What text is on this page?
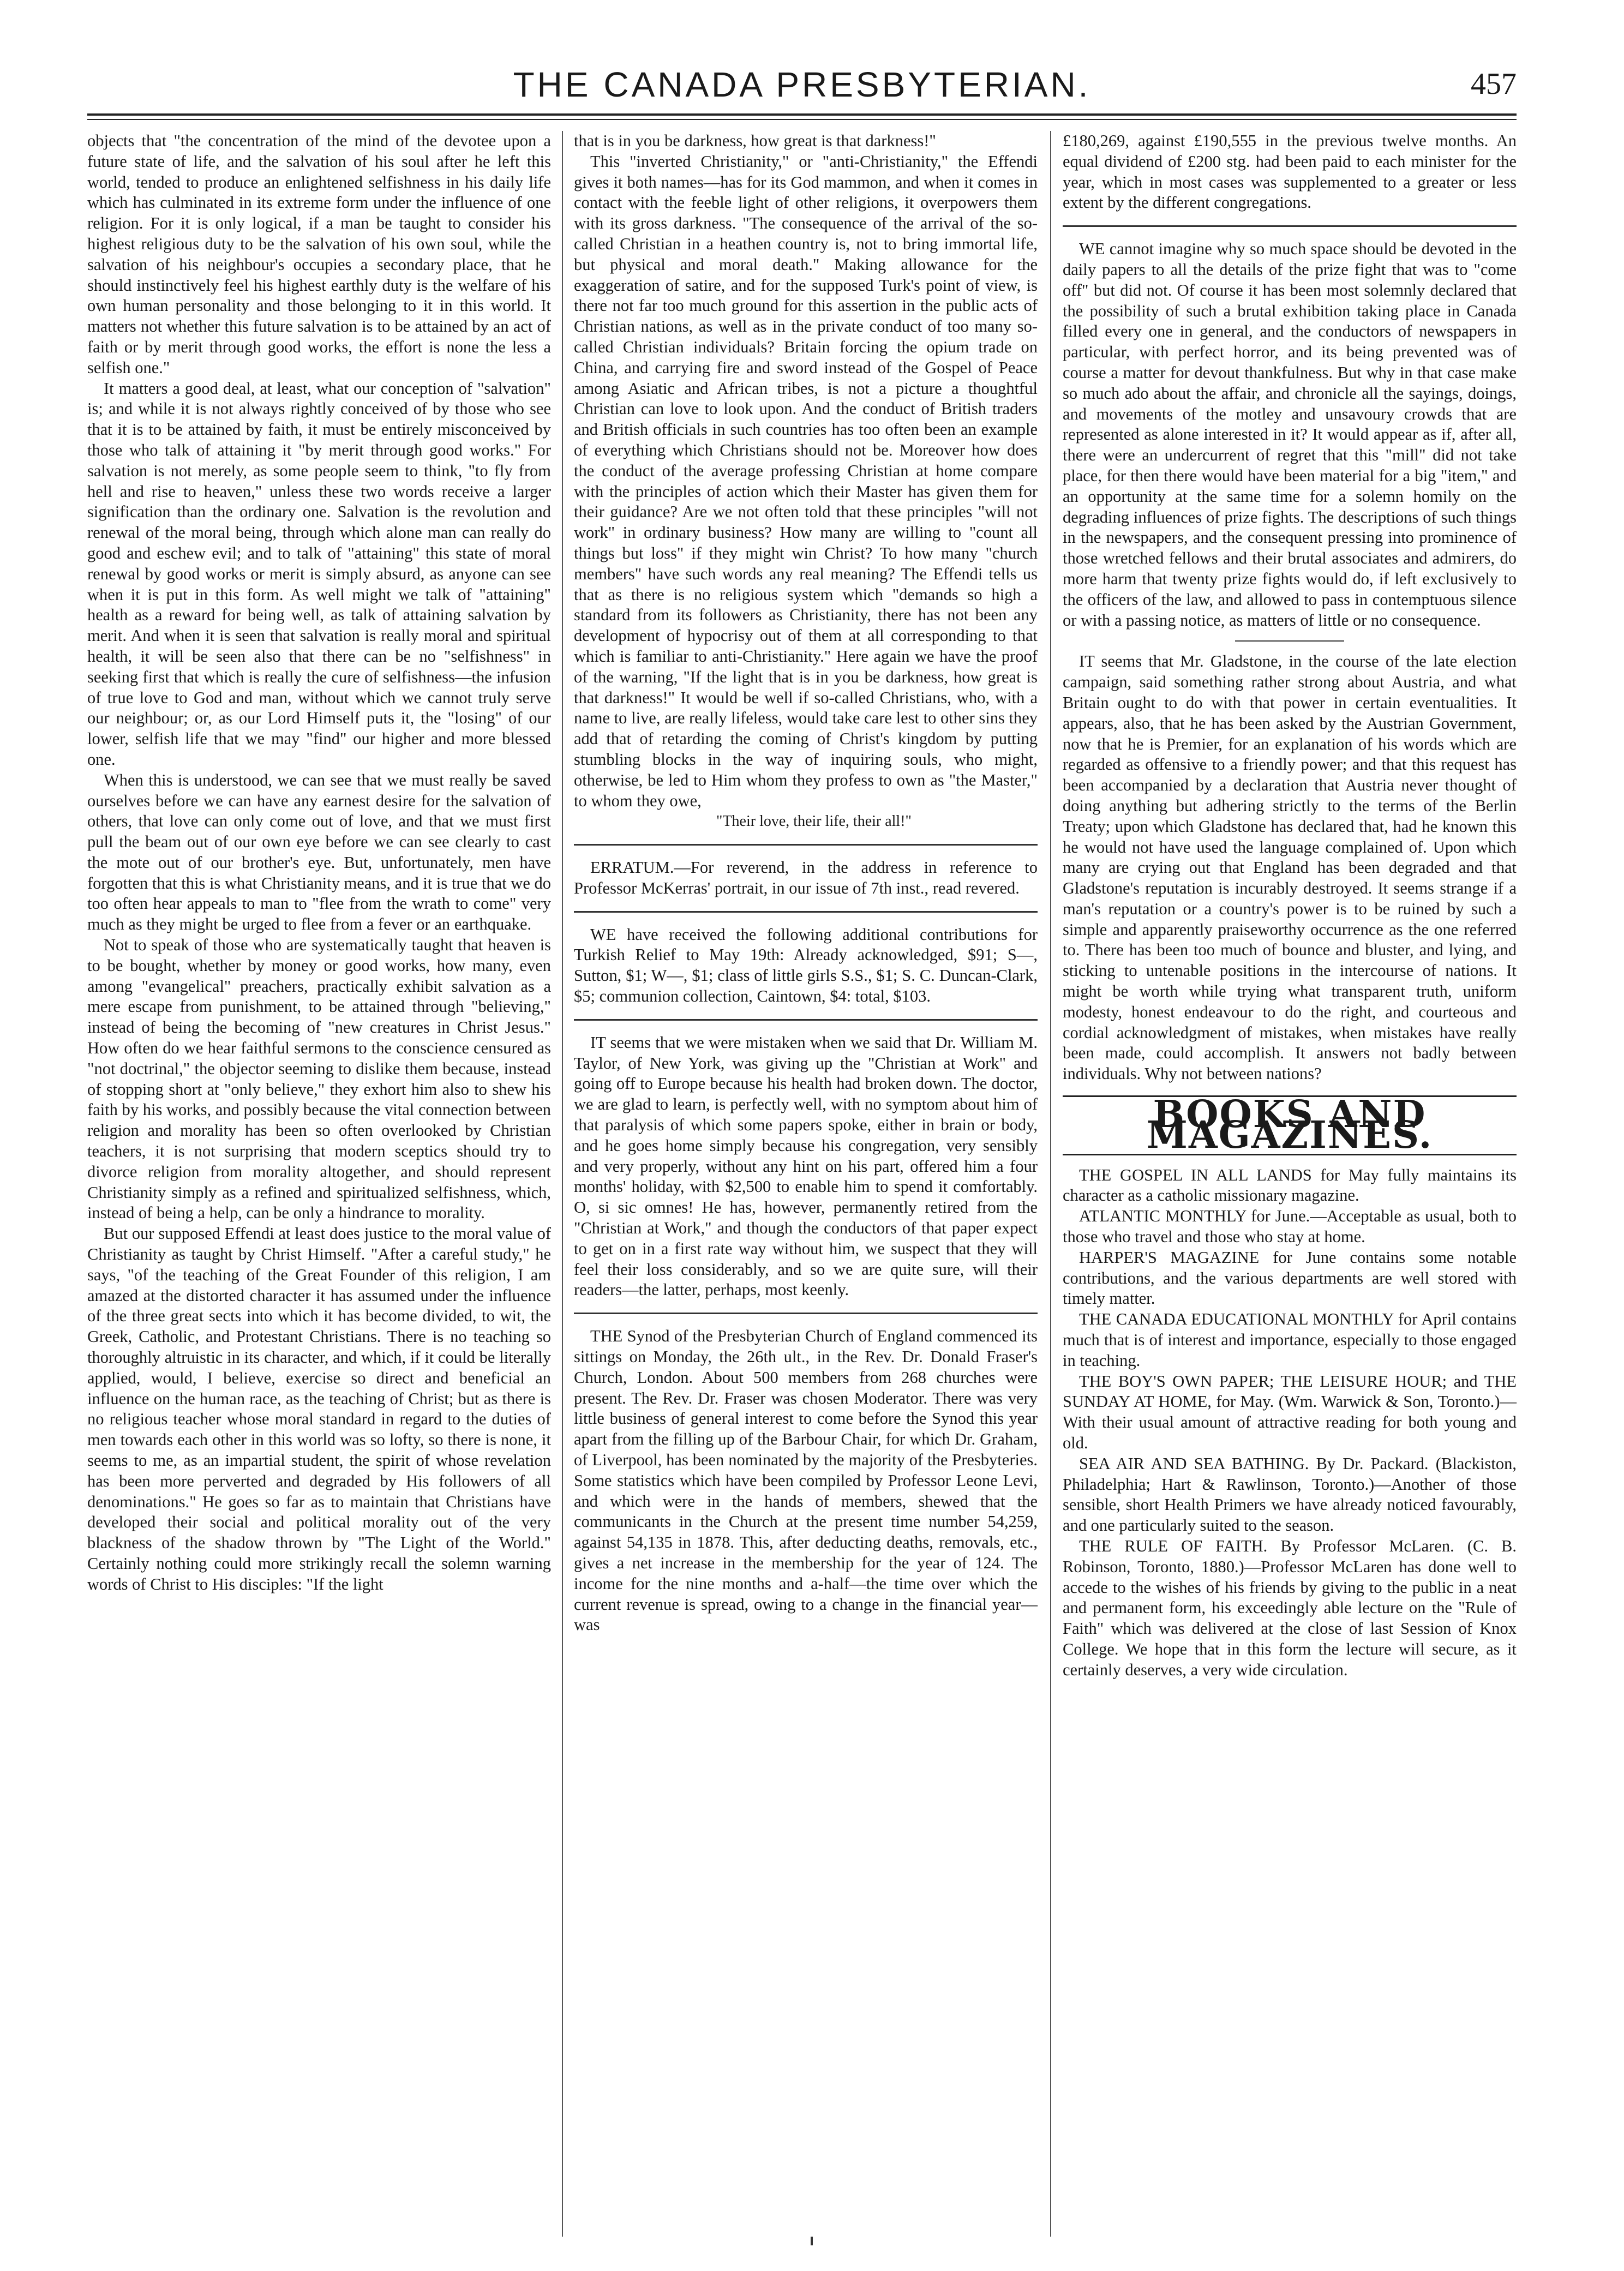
THE CANADA PRESBYTERIAN.	457

objects that "the concentration of the mind of the devotee upon a future state of life, and the salvation of his soul after he left this world, tended to produce an enlightened selfishness in his daily life which has culminated in its extreme form under the influence of one religion. For it is only logical, if a man be taught to consider his highest religious duty to be the salvation of his own soul, while the salvation of his neighbour's occupies a secondary place, that he should instinctively feel his highest earthly duty is the welfare of his own human personality and those belonging to it in this world. It matters not whether this future salvation is to be attained by an act of faith or by merit through good works, the effort is none the less a selfish one."

It matters a good deal, at least, what our conception of "salvation" is; and while it is not always rightly conceived of by those who see that it is to be attained by faith, it must be entirely misconceived by those who talk of attaining it "by merit through good works." For salvation is not merely, as some people seem to think, "to fly from hell and rise to heaven," unless these two words receive a larger signification than the ordinary one. Salvation is the revolution and renewal of the moral being, through which alone man can really do good and eschew evil; and to talk of "attaining" this state of moral renewal by good works or merit is simply absurd, as anyone can see when it is put in this form. As well might we talk of "attaining" health as a reward for being well, as talk of attaining salvation by merit. And when it is seen that salvation is really moral and spiritual health, it will be seen also that there can be no "selfishness" in seeking first that which is really the cure of selfishness—the infusion of true love to God and man, without which we cannot truly serve our neighbour; or, as our Lord Himself puts it, the "losing" of our lower, selfish life that we may "find" our higher and more blessed one.

When this is understood, we can see that we must really be saved ourselves before we can have any earnest desire for the salvation of others, that love can only come out of love, and that we must first pull the beam out of our own eye before we can see clearly to cast the mote out of our brother's eye. But, unfortunately, men have forgotten that this is what Christianity means, and it is true that we do too often hear appeals to man to "flee from the wrath to come" very much as they might be urged to flee from a fever or an earthquake.

Not to speak of those who are systematically taught that heaven is to be bought, whether by money or good works, how many, even among "evangelical" preachers, practically exhibit salvation as a mere escape from punishment, to be attained through "believing," instead of being the becoming of "new creatures in Christ Jesus." How often do we hear faithful sermons to the conscience censured as "not doctrinal," the objector seeming to dislike them because, instead of stopping short at "only believe," they exhort him also to shew his faith by his works, and possibly because the vital connection between religion and morality has been so often overlooked by Christian teachers, it is not surprising that modern sceptics should try to divorce religion from morality altogether, and should represent Christianity simply as a refined and spiritualized selfishness, which, instead of being a help, can be only a hindrance to morality.

But our supposed Effendi at least does justice to the moral value of Christianity as taught by Christ Himself. "After a careful study," he says, "of the teaching of the Great Founder of this religion, I am amazed at the distorted character it has assumed under the influence of the three great sects into which it has become divided, to wit, the Greek, Catholic, and Protestant Christians. There is no teaching so thoroughly altruistic in its character, and which, if it could be literally applied, would, I believe, exercise so direct and beneficial an influence on the human race, as the teaching of Christ; but as there is no religious teacher whose moral standard in regard to the duties of men towards each other in this world was so lofty, so there is none, it seems to me, as an impartial student, the spirit of whose revelation has been more perverted and degraded by His followers of all denominations." He goes so far as to maintain that Christians have developed their social and political morality out of the very blackness of the shadow thrown by "The Light of the World." Certainly nothing could more strikingly recall the solemn warning words of Christ to His disciples: "If the light

that is in you be darkness, how great is that darkness!"

This "inverted Christianity," or "anti-Christianity," the Effendi gives it both names—has for its God mammon, and when it comes in contact with the feeble light of other religions, it overpowers them with its gross darkness. "The consequence of the arrival of the so-called Christian in a heathen country is, not to bring immortal life, but physical and moral death." Making allowance for the exaggeration of satire, and for the supposed Turk's point of view, is there not far too much ground for this assertion in the public acts of Christian nations, as well as in the private conduct of too many so-called Christian individuals? Britain forcing the opium trade on China, and carrying fire and sword instead of the Gospel of Peace among Asiatic and African tribes, is not a picture a thoughtful Christian can love to look upon. And the conduct of British traders and British officials in such countries has too often been an example of everything which Christians should not be. Moreover how does the conduct of the average professing Christian at home compare with the principles of action which their Master has given them for their guidance? Are we not often told that these principles "will not work" in ordinary business? How many are willing to "count all things but loss" if they might win Christ? To how many "church members" have such words any real meaning? The Effendi tells us that as there is no religious system which "demands so high a standard from its followers as Christianity, there has not been any development of hypocrisy out of them at all corresponding to that which is familiar to anti-Christianity." Here again we have the proof of the warning, "If the light that is in you be darkness, how great is that darkness!" It would be well if so-called Christians, who, with a name to live, are really lifeless, would take care lest to other sins they add that of retarding the coming of Christ's kingdom by putting stumbling blocks in the way of inquiring souls, who might, otherwise, be led to Him whom they profess to own as "the Master," to whom they owe,

"Their love, their life, their all!"

ERRATUM.—For reverend, in the address in reference to Professor McKerras' portrait, in our issue of 7th inst., read revered.

WE have received the following additional contributions for Turkish Relief to May 19th: Already acknowledged, $91; S—, Sutton, $1; W—, $1; class of little girls S.S., $1; S. C. Duncan-Clark, $5; communion collection, Caintown, $4: total, $103.

IT seems that we were mistaken when we said that Dr. William M. Taylor, of New York, was giving up the "Christian at Work" and going off to Europe because his health had broken down. The doctor, we are glad to learn, is perfectly well, with no symptom about him of that paralysis of which some papers spoke, either in brain or body, and he goes home simply because his congregation, very sensibly and very properly, without any hint on his part, offered him a four months' holiday, with $2,500 to enable him to spend it comfortably. O, si sic omnes! He has, however, permanently retired from the "Christian at Work," and though the conductors of that paper expect to get on in a first rate way without him, we suspect that they will feel their loss considerably, and so we are quite sure, will their readers—the latter, perhaps, most keenly.

THE Synod of the Presbyterian Church of England commenced its sittings on Monday, the 26th ult., in the Rev. Dr. Donald Fraser's Church, London. About 500 members from 268 churches were present. The Rev. Dr. Fraser was chosen Moderator. There was very little business of general interest to come before the Synod this year apart from the filling up of the Barbour Chair, for which Dr. Graham, of Liverpool, has been nominated by the majority of the Presbyteries. Some statistics which have been compiled by Professor Leone Levi, and which were in the hands of members, shewed that the communicants in the Church at the present time number 54,259, against 54,135 in 1878. This, after deducting deaths, removals, etc., gives a net increase in the membership for the year of 124. The income for the nine months and a-half—the time over which the current revenue is spread, owing to a change in the financial year—was

£180,269, against £190,555 in the previous twelve months. An equal dividend of £200 stg. had been paid to each minister for the year, which in most cases was supplemented to a greater or less extent by the different congregations.

WE cannot imagine why so much space should be devoted in the daily papers to all the details of the prize fight that was to "come off" but did not. Of course it has been most solemnly declared that the possibility of such a brutal exhibition taking place in Canada filled every one in general, and the conductors of newspapers in particular, with perfect horror, and its being prevented was of course a matter for devout thankfulness. But why in that case make so much ado about the affair, and chronicle all the sayings, doings, and movements of the motley and unsavoury crowds that are represented as alone interested in it? It would appear as if, after all, there were an undercurrent of regret that this "mill" did not take place, for then there would have been material for a big "item," and an opportunity at the same time for a solemn homily on the degrading influences of prize fights. The descriptions of such things in the newspapers, and the consequent pressing into prominence of those wretched fellows and their brutal associates and admirers, do more harm that twenty prize fights would do, if left exclusively to the officers of the law, and allowed to pass in contemptuous silence or with a passing notice, as matters of little or no consequence.

IT seems that Mr. Gladstone, in the course of the late election campaign, said something rather strong about Austria, and what Britain ought to do with that power in certain eventualities. It appears, also, that he has been asked by the Austrian Government, now that he is Premier, for an explanation of his words which are regarded as offensive to a friendly power; and that this request has been accompanied by a declaration that Austria never thought of doing anything but adhering strictly to the terms of the Berlin Treaty; upon which Gladstone has declared that, had he known this he would not have used the language complained of. Upon which many are crying out that England has been degraded and that Gladstone's reputation is incurably destroyed. It seems strange if a man's reputation or a country's power is to be ruined by such a simple and apparently praiseworthy occurrence as the one referred to. There has been too much of bounce and bluster, and lying, and sticking to untenable positions in the intercourse of nations. It might be worth while trying what transparent truth, uniform modesty, honest endeavour to do the right, and courteous and cordial acknowledgment of mistakes, when mistakes have really been made, could accomplish. It answers not badly between individuals. Why not between nations?

BOOKS AND MAGAZINES.

THE GOSPEL IN ALL LANDS for May fully maintains its character as a catholic missionary magazine.

ATLANTIC MONTHLY for June.—Acceptable as usual, both to those who travel and those who stay at home.

HARPER'S MAGAZINE for June contains some notable contributions, and the various departments are well stored with timely matter.

THE CANADA EDUCATIONAL MONTHLY for April contains much that is of interest and importance, especially to those engaged in teaching.

THE BOY'S OWN PAPER; THE LEISURE HOUR; and THE SUNDAY AT HOME, for May. (Wm. Warwick & Son, Toronto.)—With their usual amount of attractive reading for both young and old.

SEA AIR AND SEA BATHING. By Dr. Packard. (Blackiston, Philadelphia; Hart & Rawlinson, Toronto.)—Another of those sensible, short Health Primers we have already noticed favourably, and one particularly suited to the season.

THE RULE OF FAITH. By Professor McLaren. (C. B. Robinson, Toronto, 1880.)—Professor McLaren has done well to accede to the wishes of his friends by giving to the public in a neat and permanent form, his exceedingly able lecture on the "Rule of Faith" which was delivered at the close of last Session of Knox College. We hope that in this form the lecture will secure, as it certainly deserves, a very wide circulation.
